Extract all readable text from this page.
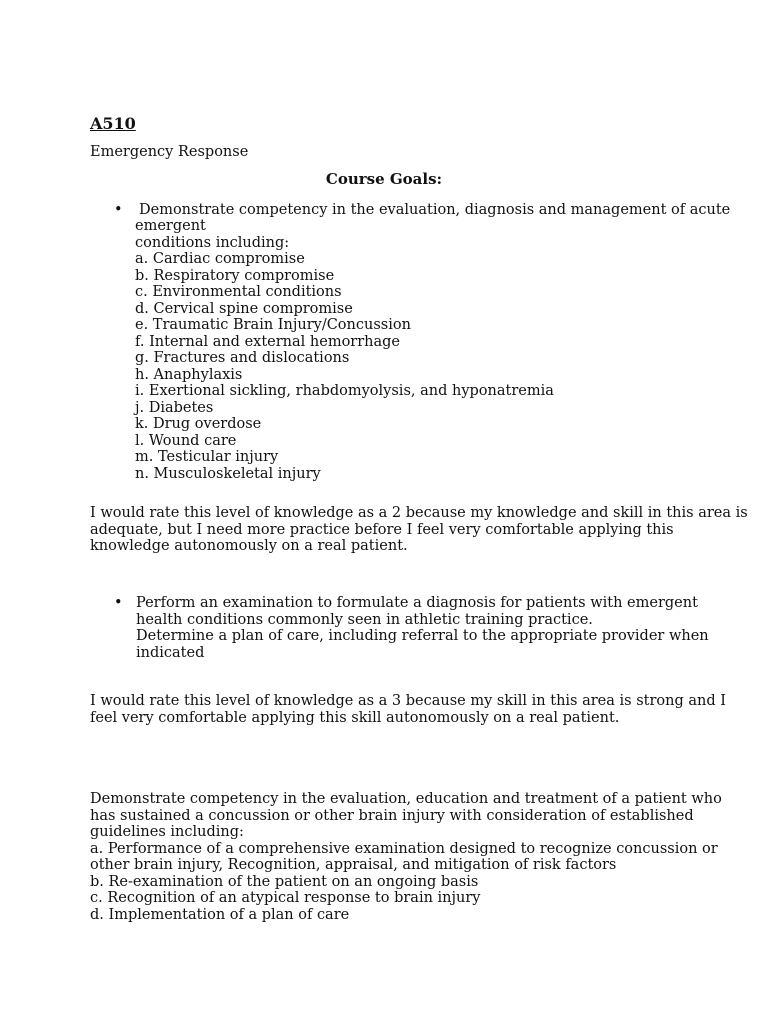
A510
Emergency Response
Course Goals:
• Demonstrate competency in the evaluation, diagnosis and management of acute
emergent
conditions including:
a. Cardiac compromise
b. Respiratory compromise
c. Environmental conditions
d. Cervical spine compromise
e. Traumatic Brain Injury/Concussion
f. Internal and external hemorrhage
g. Fractures and dislocations
h. Anaphylaxis
i. Exertional sickling, rhabdomyolysis, and hyponatremia
j. Diabetes
k. Drug overdose
l. Wound care
m. Testicular injury
n. Musculoskeletal injury
I would rate this level of knowledge as a 2 because my knowledge and skill in this area is
adequate, but I need more practice before I feel very comfortable applying this
knowledge autonomously on a real patient.
• Perform an examination to formulate a diagnosis for patients with emergent
health conditions commonly seen in athletic training practice.
Determine a plan of care, including referral to the appropriate provider when
indicated
I would rate this level of knowledge as a 3 because my skill in this area is strong and I
feel very comfortable applying this skill autonomously on a real patient.
Demonstrate competency in the evaluation, education and treatment of a patient who
has sustained a concussion or other brain injury with consideration of established
guidelines including:
a. Performance of a comprehensive examination designed to recognize concussion or
other brain injury, Recognition, appraisal, and mitigation of risk factors
b. Re-examination of the patient on an ongoing basis
c. Recognition of an atypical response to brain injury
d. Implementation of a plan of care
